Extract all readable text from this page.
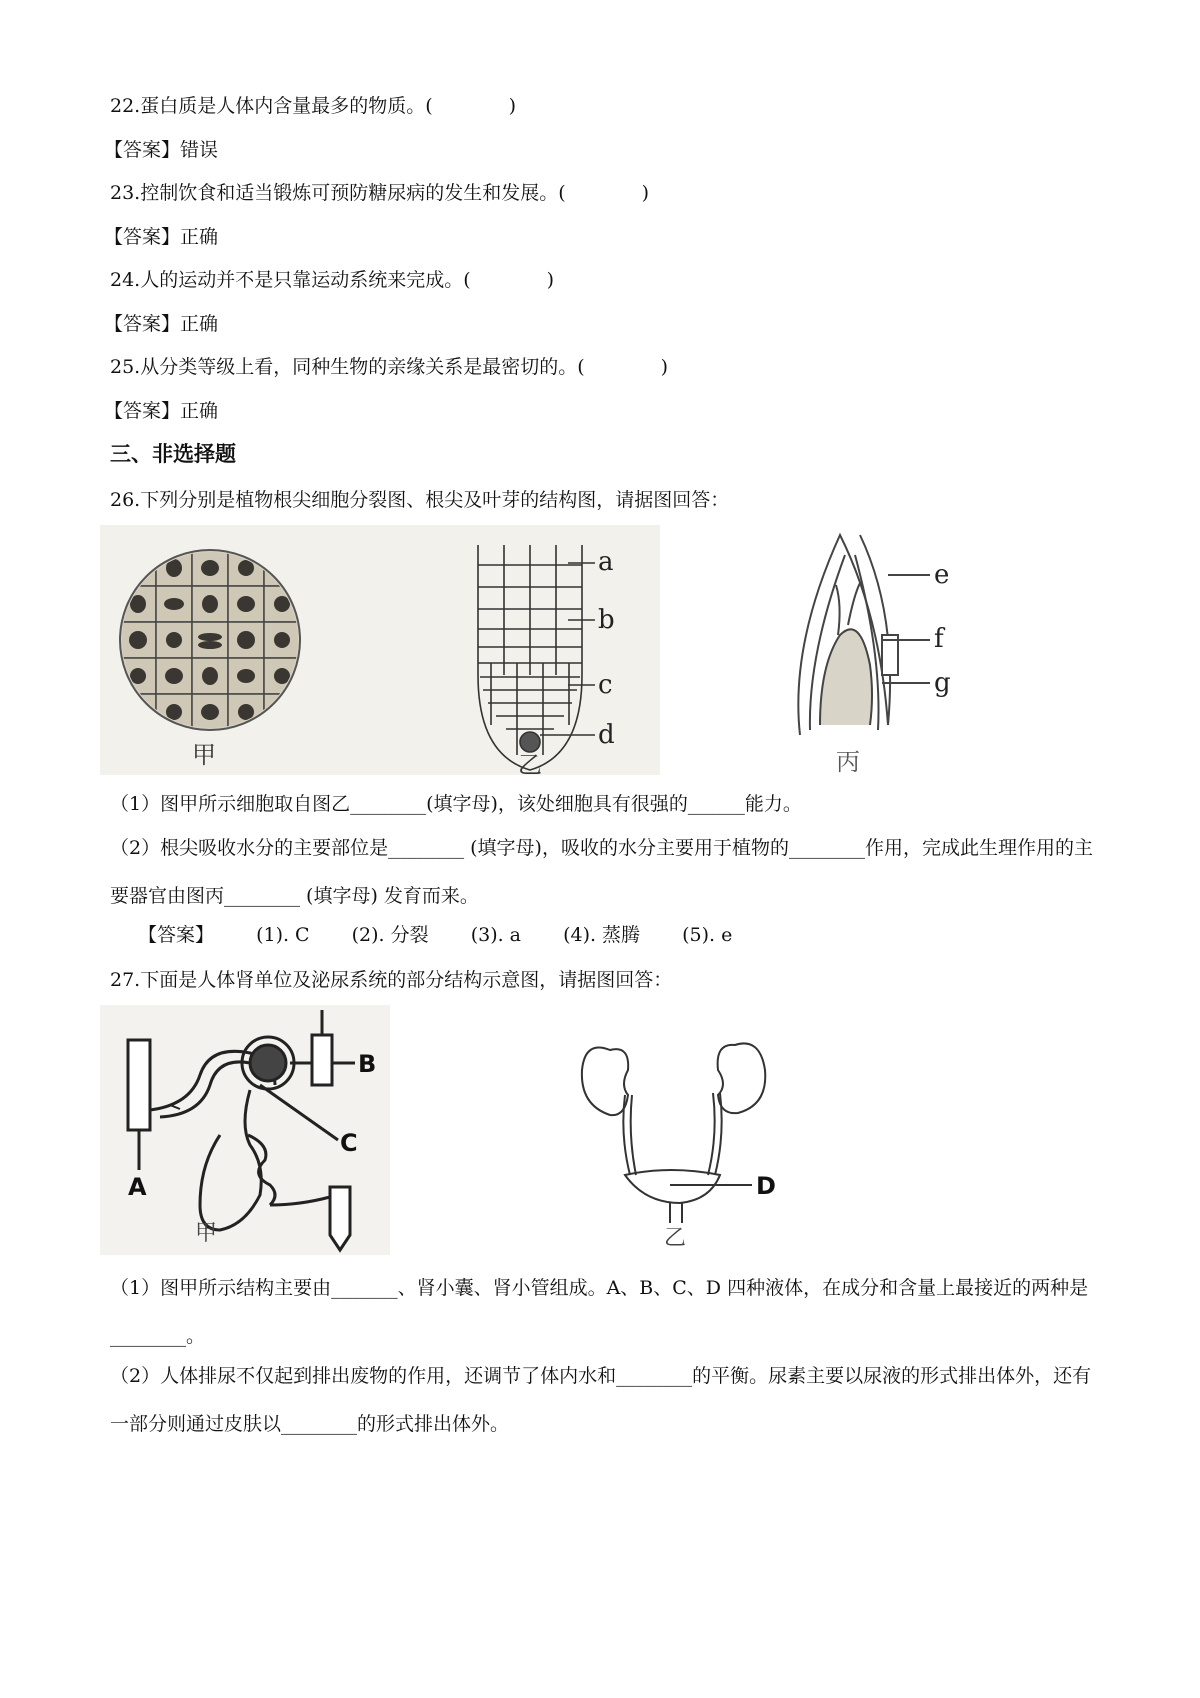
22.蛋白质是人体内含量最多的物质。(　　　　)
【答案】错误
23.控制饮食和适当锻炼可预防糖尿病的发生和发展。(　　　　)
【答案】正确
24.人的运动并不是只靠运动系统来完成。(　　　　)
【答案】正确
25.从分类等级上看，同种生物的亲缘关系是最密切的。(　　　　)
【答案】正确
三、非选择题
26.下列分别是植物根尖细胞分裂图、根尖及叶芽的结构图，请据图回答：
甲
a
b
c
d
乙
e
f
g
丙
（1）图甲所示细胞取自图乙________(填字母)，该处细胞具有很强的______能力。
（2）根尖吸收水分的主要部位是________ (填字母)，吸收的水分主要用于植物的________作用，完成此生理作用的主要器官由图丙________ (填字母) 发育而来。
【答案】 (1). C (2). 分裂 (3). a (4). 蒸腾 (5). e
27.下面是人体肾单位及泌尿系统的部分结构示意图，请据图回答：
B
C
A
甲
D
乙
（1）图甲所示结构主要由_______、肾小囊、肾小管组成。A、B、C、D 四种液体，在成分和含量上最接近的两种是________。
（2）人体排尿不仅起到排出废物的作用，还调节了体内水和________的平衡。尿素主要以尿液的形式排出体外，还有一部分则通过皮肤以________的形式排出体外。
